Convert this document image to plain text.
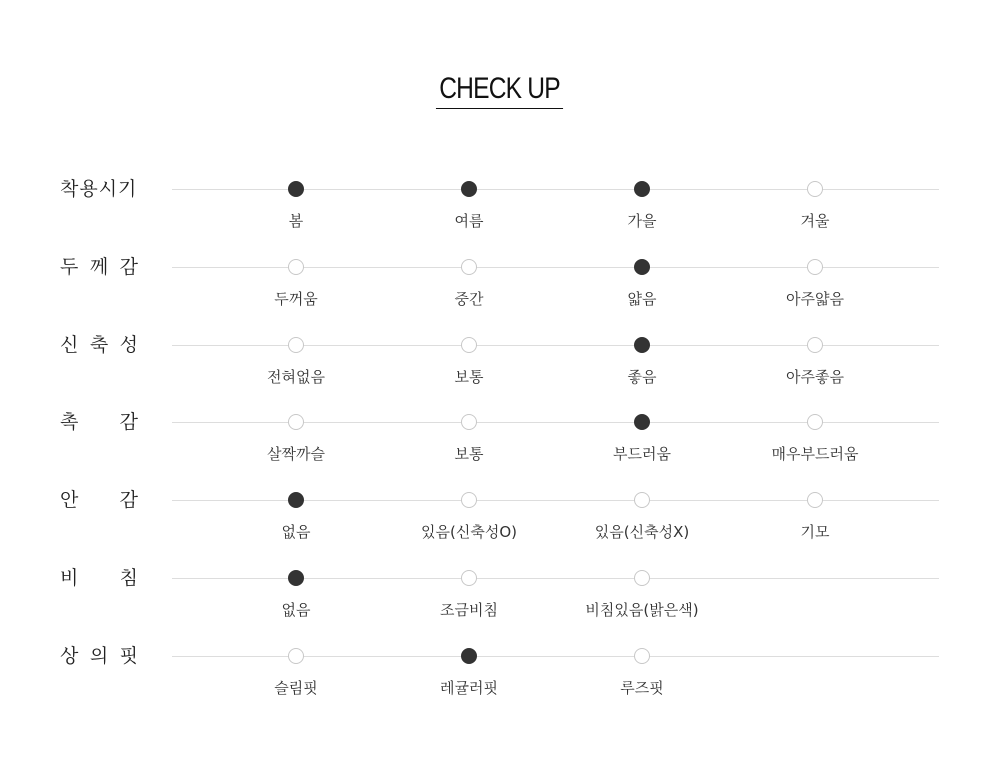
CHECK UP
착용시기
봄	여름	가을	겨울
두 께 감
두꺼움	중간	얇음	아주얇음
신 축 성
전혀없음	보통	좋음	아주좋음
촉 감
살짝까슬	보통	부드러움	매우부드러움
안 감
없음	있음(신축성O)	있음(신축성X)	기모
비 침
없음	조금비침	비침있음(밝은색)
상 의 핏
슬림핏	레귤러핏	루즈핏
